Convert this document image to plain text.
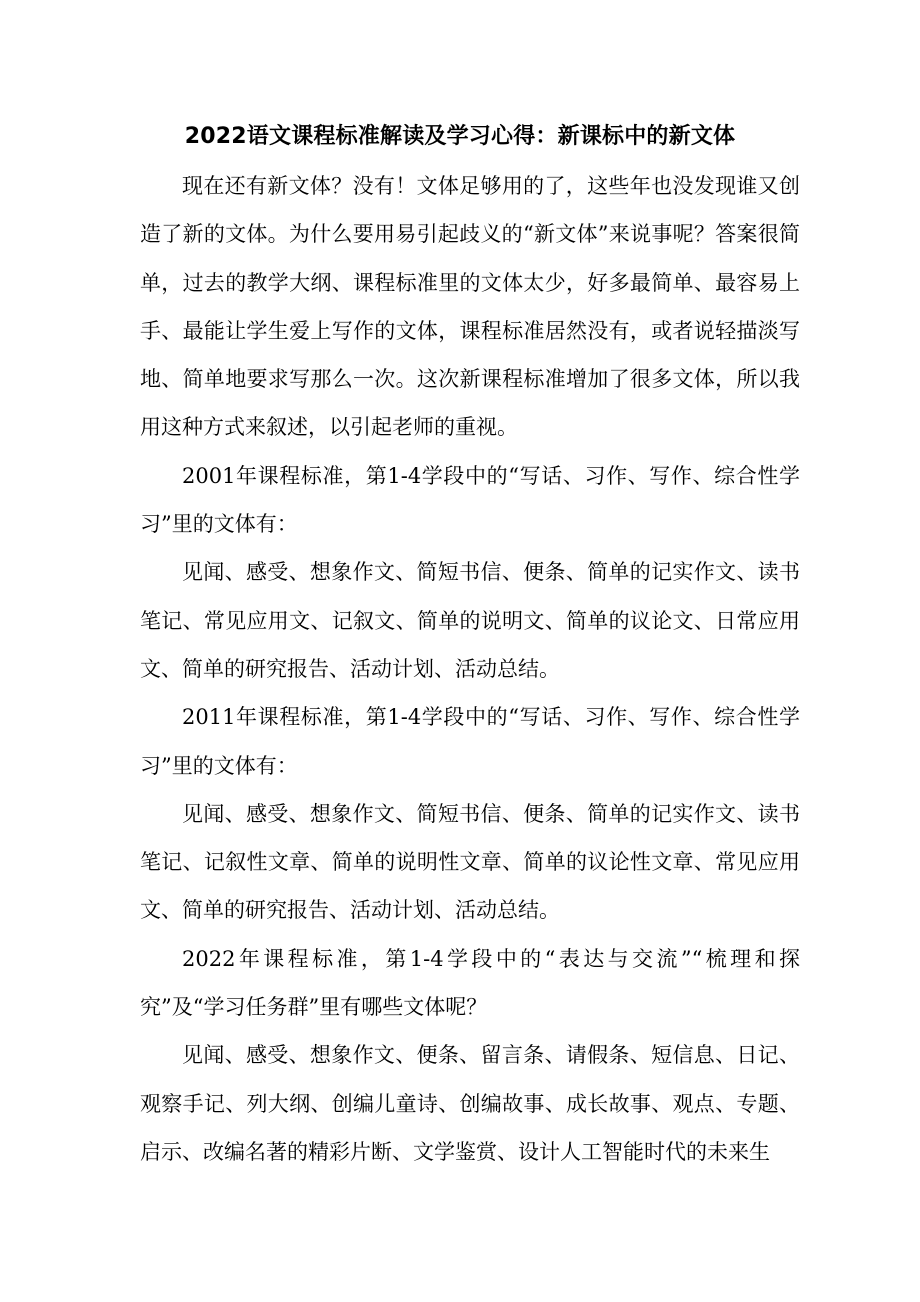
2022语文课程标准解读及学习心得：新课标中的新文体

现在还有新文体？没有！文体足够用的了，这些年也没发现谁又创造了新的文体。为什么要用易引起歧义的“新文体”来说事呢？答案很简单，过去的教学大纲、课程标准里的文体太少，好多最简单、最容易上手、最能让学生爱上写作的文体，课程标准居然没有，或者说轻描淡写地、简单地要求写那么一次。这次新课程标准增加了很多文体，所以我用这种方式来叙述，以引起老师的重视。

2001年课程标准，第1-4学段中的“写话、习作、写作、综合性学习”里的文体有：

见闻、感受、想象作文、简短书信、便条、简单的记实作文、读书笔记、常见应用文、记叙文、简单的说明文、简单的议论文、日常应用文、简单的研究报告、活动计划、活动总结。

2011年课程标准，第1-4学段中的“写话、习作、写作、综合性学习”里的文体有：

见闻、感受、想象作文、简短书信、便条、简单的记实作文、读书笔记、记叙性文章、简单的说明性文章、简单的议论性文章、常见应用文、简单的研究报告、活动计划、活动总结。

2022年课程标准，第1-4学段中的“表达与交流”“梳理和探究”及“学习任务群”里有哪些文体呢？

见闻、感受、想象作文、便条、留言条、请假条、短信息、日记、观察手记、列大纲、创编儿童诗、创编故事、成长故事、观点、专题、启示、改编名著的精彩片断、文学鉴赏、设计人工智能时代的未来生
